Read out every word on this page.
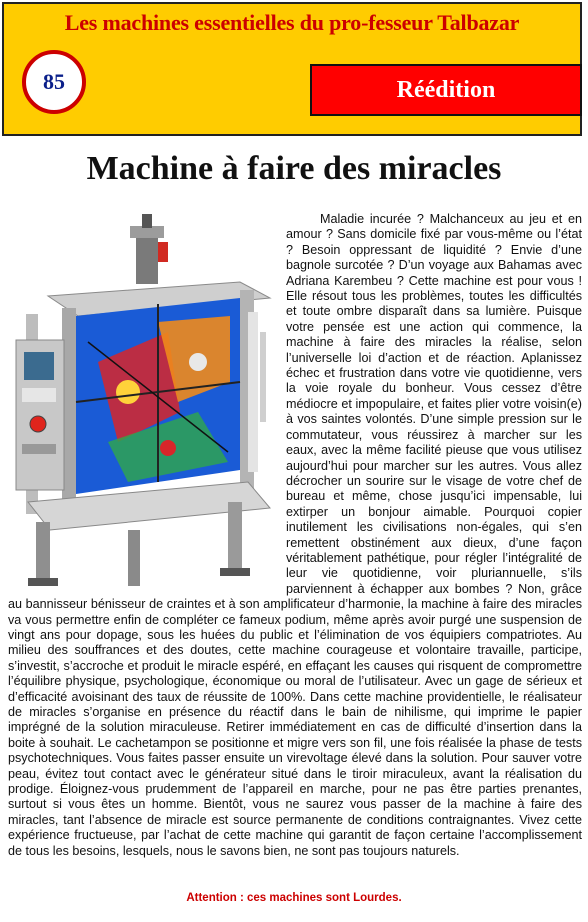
Les machines essentielles du pro-fesseur Talbazar
85	Réédition
Machine à faire des miracles

Maladie incurée ? Malchanceux au jeu et en amour ? Sans domicile fixé par vous-même ou l’état ? Besoin oppressant de liquidité ? Envie d’une bagnole surcotée ? D’un voyage aux Bahamas avec Adriana Karembeu ? Cette machine est pour vous ! Elle résout tous les problèmes, toutes les difficultés et toute ombre disparaît dans sa lumière. Puisque votre pensée est une action qui commence, la machine à faire des miracles la réalise, selon l’universelle loi d’action et de réaction. Aplanissez échec et frustration dans votre vie quotidienne, vers la voie royale du bonheur. Vous cessez d’être médiocre et impopulaire, et faites plier votre voisin(e) à vos saintes volontés. D’une simple pression sur le commutateur, vous réussirez à marcher sur les eaux, avec la même facilité pieuse que vous utilisez aujourd’hui pour marcher sur les autres. Vous allez décrocher un sourire sur le visage de votre chef de bureau et même, chose jusqu’ici impensable, lui extirper un bonjour aimable. Pourquoi copier inutilement les civilisations non-égales, qui s’en remettent obstinément aux dieux, d’une façon véritablement pathétique, pour régler l’intégralité de leur vie quotidienne, voir pluriannuelle, s’ils parviennent à échapper aux bombes ? Non, grâce au bannisseur bénisseur de craintes et à son amplificateur d’harmonie, la machine à faire des miracles va vous permettre enfin de compléter ce fameux podium, même après avoir purgé une suspension de vingt ans pour dopage, sous les huées du public et l’élimination de vos équipiers compatriotes. Au milieu des souffrances et des doutes, cette machine courageuse et volontaire travaille, participe, s’investit, s’accroche et produit le miracle espéré, en effaçant les causes qui risquent de compromettre l’équilibre physique, psychologique, économique ou moral de l’utilisateur. Avec un gage de sérieux et d’efficacité avoisinant des taux de réussite de 100%. Dans cette machine providentielle, le réalisateur de miracles s’organise en présence du réactif dans le bain de nihilisme, qui imprime le papier imprégné de la solution miraculeuse. Retirer immédiatement en cas de difficulté d’insertion dans la boite à souhait. Le cachetampon se positionne et migre vers son fil, une fois réalisée la phase de tests psychotechniques. Vous faites passer ensuite un virevoltage élevé dans la solution. Pour sauver votre peau, évitez tout contact avec le générateur situé dans le tiroir miraculeux, avant la réalisation du prodige. Éloignez-vous prudemment de l’appareil en marche, pour ne pas être parties prenantes, surtout si vous êtes un homme. Bientôt, vous ne saurez vous passer de la machine à faire des miracles, tant l’absence de miracle est source permanente de conditions contraignantes. Vivez cette expérience fructueuse, par l’achat de cette machine qui garantit de façon certaine l’accomplissement de tous les besoins, lesquels, nous le savons bien, ne sont pas toujours naturels.

Attention : ces machines sont Lourdes.
